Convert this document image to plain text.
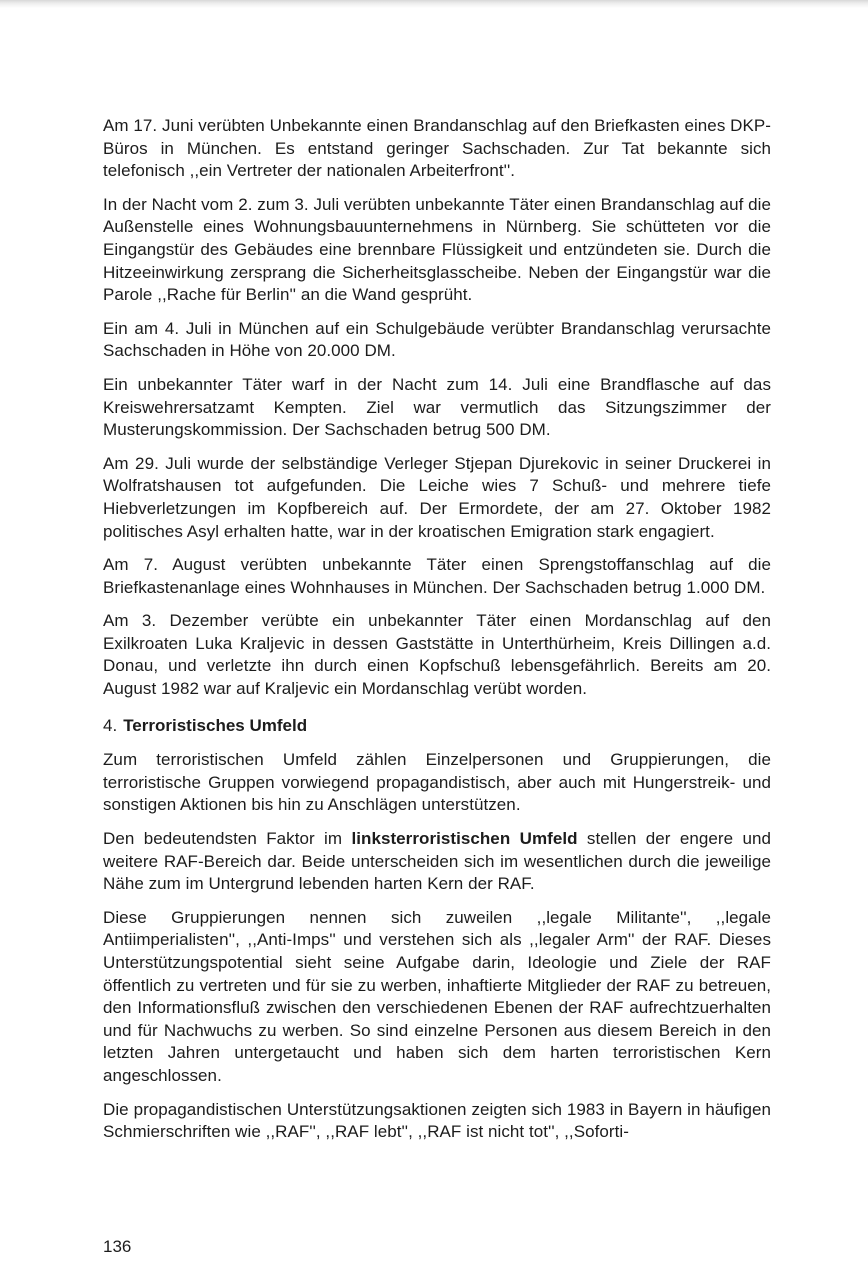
Am 17. Juni verübten Unbekannte einen Brandanschlag auf den Briefkasten eines DKP-Büros in München. Es entstand geringer Sachschaden. Zur Tat bekannte sich telefonisch ,,ein Vertreter der nationalen Arbeiterfront''.

In der Nacht vom 2. zum 3. Juli verübten unbekannte Täter einen Brandanschlag auf die Außenstelle eines Wohnungsbauunternehmens in Nürnberg. Sie schütteten vor die Eingangstür des Gebäudes eine brennbare Flüssigkeit und entzündeten sie. Durch die Hitzeeinwirkung zersprang die Sicherheitsglasscheibe. Neben der Eingangstür war die Parole ,,Rache für Berlin'' an die Wand gesprüht.

Ein am 4. Juli in München auf ein Schulgebäude verübter Brandanschlag verursachte Sachschaden in Höhe von 20.000 DM.

Ein unbekannter Täter warf in der Nacht zum 14. Juli eine Brandflasche auf das Kreiswehrersatzamt Kempten. Ziel war vermutlich das Sitzungszimmer der Musterungskommission. Der Sachschaden betrug 500 DM.

Am 29. Juli wurde der selbständige Verleger Stjepan Djurekovic in seiner Druckerei in Wolfratshausen tot aufgefunden. Die Leiche wies 7 Schuß- und mehrere tiefe Hiebverletzungen im Kopfbereich auf. Der Ermordete, der am 27. Oktober 1982 politisches Asyl erhalten hatte, war in der kroatischen Emigration stark engagiert.

Am 7. August verübten unbekannte Täter einen Sprengstoffanschlag auf die Briefkastenanlage eines Wohnhauses in München. Der Sachschaden betrug 1.000 DM.

Am 3. Dezember verübte ein unbekannter Täter einen Mordanschlag auf den Exilkroaten Luka Kraljevic in dessen Gaststätte in Unterthürheim, Kreis Dillingen a.d. Donau, und verletzte ihn durch einen Kopfschuß lebensgefährlich. Bereits am 20. August 1982 war auf Kraljevic ein Mordanschlag verübt worden.

4. Terroristisches Umfeld

Zum terroristischen Umfeld zählen Einzelpersonen und Gruppierungen, die terroristische Gruppen vorwiegend propagandistisch, aber auch mit Hungerstreik- und sonstigen Aktionen bis hin zu Anschlägen unterstützen.

Den bedeutendsten Faktor im linksterroristischen Umfeld stellen der engere und weitere RAF-Bereich dar. Beide unterscheiden sich im wesentlichen durch die jeweilige Nähe zum im Untergrund lebenden harten Kern der RAF.

Diese Gruppierungen nennen sich zuweilen ,,legale Militante'', ,,legale Antiimperialisten'', ,,Anti-Imps'' und verstehen sich als ,,legaler Arm'' der RAF. Dieses Unterstützungspotential sieht seine Aufgabe darin, Ideologie und Ziele der RAF öffentlich zu vertreten und für sie zu werben, inhaftierte Mitglieder der RAF zu betreuen, den Informationsfluß zwischen den verschiedenen Ebenen der RAF aufrechtzuerhalten und für Nachwuchs zu werben. So sind einzelne Personen aus diesem Bereich in den letzten Jahren untergetaucht und haben sich dem harten terroristischen Kern angeschlossen.

Die propagandistischen Unterstützungsaktionen zeigten sich 1983 in Bayern in häufigen Schmierschriften wie ,,RAF'', ,,RAF lebt'', ,,RAF ist nicht tot'', ,,Soforti-

136
